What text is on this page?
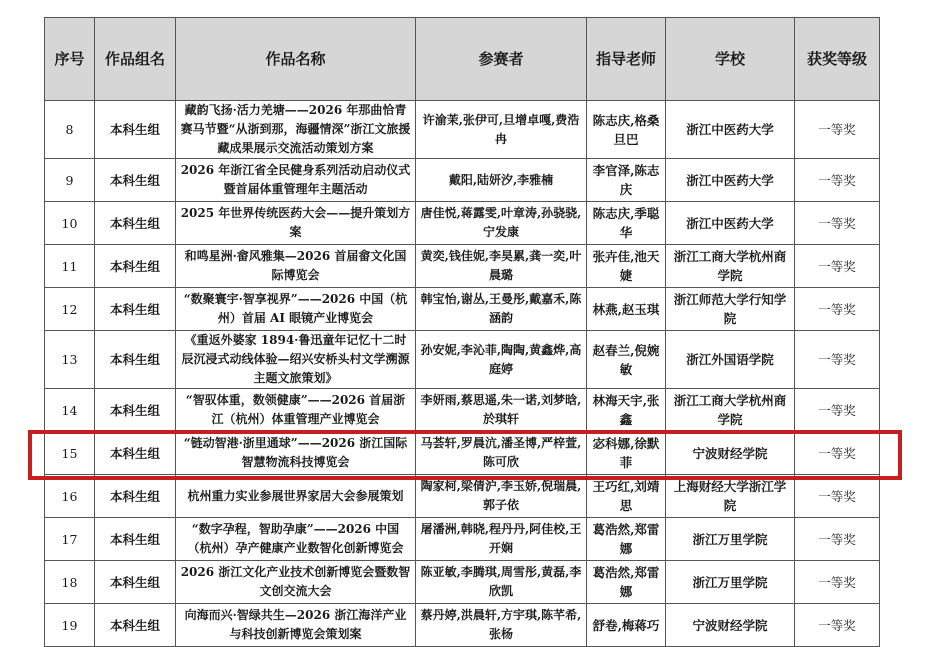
序号	作品组名	作品名称	参赛者	指导老师	学校	获奖等级
8	本科生组	藏韵飞扬·活力羌塘——2026 年那曲恰青赛马节暨“从浙到那，海疆情深”浙江文旅援藏成果展示交流活动策划方案	许渝茉,张伊可,旦增卓嘎,费浩冉	陈志庆,格桑旦巴	浙江中医药大学	一等奖
9	本科生组	2026 年浙江省全民健身系列活动启动仪式暨首届体重管理年主题活动	戴阳,陆妍汐,李雅楠	李官泽,陈志庆	浙江中医药大学	一等奖
10	本科生组	2025 年世界传统医药大会——提升策划方案	唐佳悦,蒋露雯,叶章涛,孙骁骁,宁发康	陈志庆,季聪华	浙江中医药大学	一等奖
11	本科生组	和鸣星洲·畲风雅集—2026 首届畲文化国际博览会	黄奕,钱佳妮,李昊累,龚一奕,叶晨璐	张卉佳,池天婕	浙江工商大学杭州商学院	一等奖
12	本科生组	“数聚寰宇·智享视界”——2026 中国（杭州）首届 AI 眼镜产业博览会	韩宝怡,谢丛,王曼彤,戴嘉禾,陈涵韵	林燕,赵玉琪	浙江师范大学行知学院	一等奖
13	本科生组	《重返外婆家 1894·鲁迅童年记忆十二时辰沉浸式动线体验—绍兴安桥头村文学溯源主题文旅策划》	孙安妮,李沁菲,陶陶,黄鑫烨,高庭婷	赵春兰,倪婉敏	浙江外国语学院	一等奖
14	本科生组	“智驭体重，数领健康”——2026 首届浙江（杭州）体重管理产业博览会	李妍雨,蔡思遥,朱一诺,刘梦晗,於琪轩	林海天宇,张鑫	浙江工商大学杭州商学院	一等奖
15	本科生组	“链动智港·浙里通球”——2026 浙江国际智慧物流科技博览会	马荟轩,罗晨沆,潘圣博,严梓萱,陈可欣	宓科娜,徐默菲	宁波财经学院	一等奖
16	本科生组	杭州重力实业参展世界家居大会参展策划	陶家柯,梁倩沪,李玉娇,倪瑞晨,郭子依	王巧红,刘靖思	上海财经大学浙江学院	一等奖
17	本科生组	“数字孕程，智助孕康”——2026 中国（杭州）孕产健康产业数智化创新博览会	屠潘洲,韩晓,程丹丹,阿佳校,王开娴	葛浩然,郑雷娜	浙江万里学院	一等奖
18	本科生组	2026 浙江文化产业技术创新博览会暨数智文创交流大会	陈亚敏,李腾琪,周雪彤,黄磊,李欣凯	葛浩然,郑雷娜	浙江万里学院	一等奖
19	本科生组	向海而兴·智绿共生—2026 浙江海洋产业与科技创新博览会策划案	蔡丹婷,洪晨轩,方宇琪,陈芊希,张杨	舒卷,梅蒋巧	宁波财经学院	一等奖
